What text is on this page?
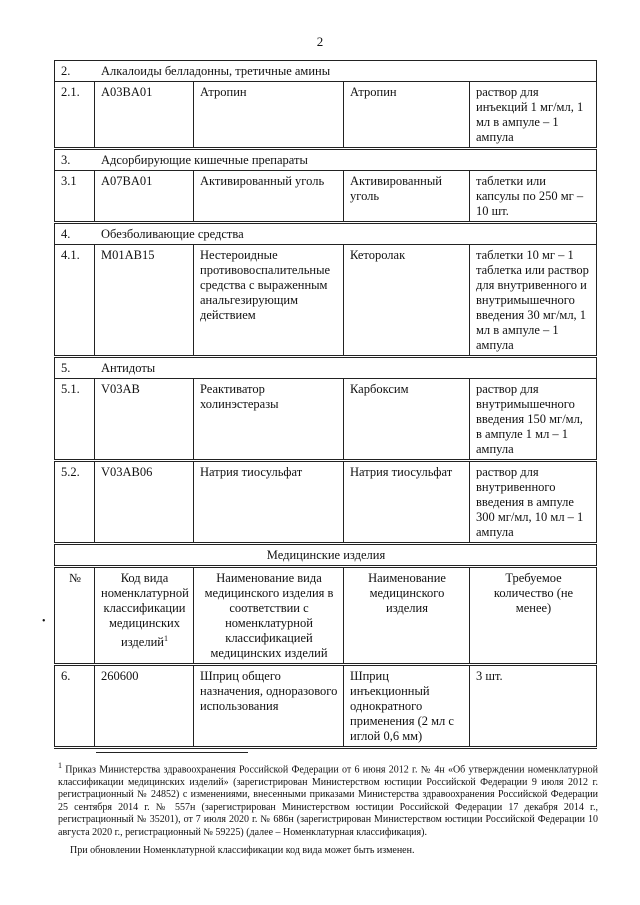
2
2. Алкалоиды белладонны, третичные амины				
2.1.	A03BA01	Атропин	Атропин	раствор для инъекций 1 мг/мл, 1 мл в ампуле – 1 ампула
3. Адсорбирующие кишечные препараты				
3.1	A07BA01	Активированный уголь	Активированный уголь	таблетки или капсулы по 250 мг – 10 шт.
4. Обезболивающие средства				
4.1.	M01AB15	Нестероидные противовоспалительные средства с выраженным анальгезирующим действием	Кеторолак	таблетки 10 мг – 1 таблетка или раствор для внутривенного и внутримышечного введения 30 мг/мл, 1 мл в ампуле – 1 ампула
5. Антидоты				
5.1.	V03AB	Реактиватор холинэстеразы	Карбоксим	раствор для внутримышечного введения 150 мг/мл, в ампуле 1 мл – 1 ампула
5.2.	V03AB06	Натрия тиосульфат	Натрия тиосульфат	раствор для внутривенного введения в ампуле 300 мг/мл, 10 мл – 1 ампула
Медицинские изделия				
№	Код вида номенклатурной классификации медицинских изделий$^1$	Наименование вида медицинского изделия в соответствии с номенклатурной классификацией медицинских изделий	Наименование медицинского изделия	Требуемое количество (не менее)
6.	260600	Шприц общего назначения, одноразового использования	Шприц инъекционный однократного применения (2 мл с иглой 0,6 мм)	3 шт.
•

$^1$ Приказ Министерства здравоохранения Российской Федерации от 6 июня 2012 г. № 4н «Об утверждении номенклатурной классификации медицинских изделий» (зарегистрирован Министерством юстиции Российской Федерации 9 июля 2012 г. регистрационный № 24852) с изменениями, внесенными приказами Министерства здравоохранения Российской Федерации 25 сентября 2014 г. № 557н (зарегистрирован Министерством юстиции Российской Федерации 17 декабря 2014 г., регистрационный № 35201), от 7 июля 2020 г. № 686н (зарегистрирован Министерством юстиции Российской Федерации 10 августа 2020 г., регистрационный № 59225) (далее – Номенклатурная классификация).

При обновлении Номенклатурной классификации код вида может быть изменен.
